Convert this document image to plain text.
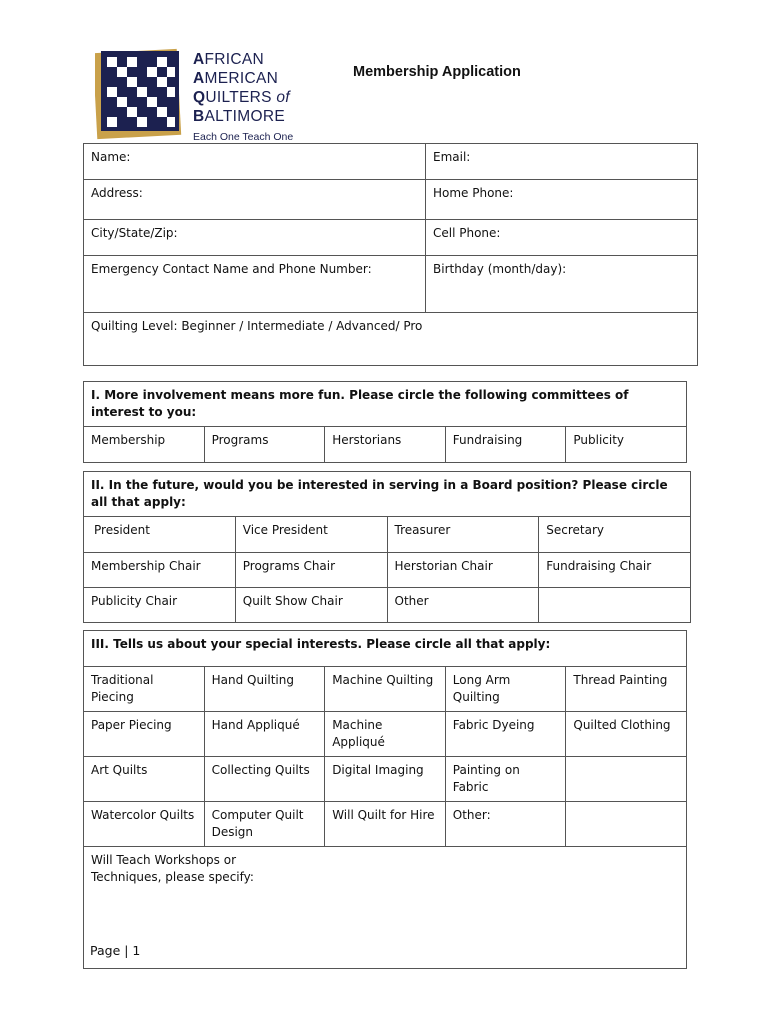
AFRICAN
AMERICAN
QUILTERS of
BALTIMORE
Each One Teach One
Membership Application
Name:	Email:
Address:	Home Phone:
City/State/Zip:	Cell Phone:
Emergency Contact Name and Phone Number:	Birthday (month/day):
Quilting Level: Beginner / Intermediate / Advanced/ Pro	
I. More involvement means more fun. Please circle the following committees of interest to you:
Membership	Programs	Herstorians	Fundraising	Publicity
II. In the future, would you be interested in serving in a Board position? Please circle all that apply:			
President	Vice President	Treasurer	Secretary
Membership Chair	Programs Chair	Herstorian Chair	Fundraising Chair
Publicity Chair	Quilt Show Chair	Other	
III. Tells us about your special interests. Please circle all that apply:				
Traditional Piecing	Hand Quilting	Machine Quilting	Long Arm Quilting	Thread Painting
Paper Piecing	Hand Appliqué	Machine Appliqué	Fabric Dyeing	Quilted Clothing
Art Quilts	Collecting Quilts	Digital Imaging	Painting on Fabric	
Watercolor Quilts	Computer Quilt Design	Will Quilt for Hire	Other:	

Will Teach Workshops or
Techniques, please specify:				
Page | 1
